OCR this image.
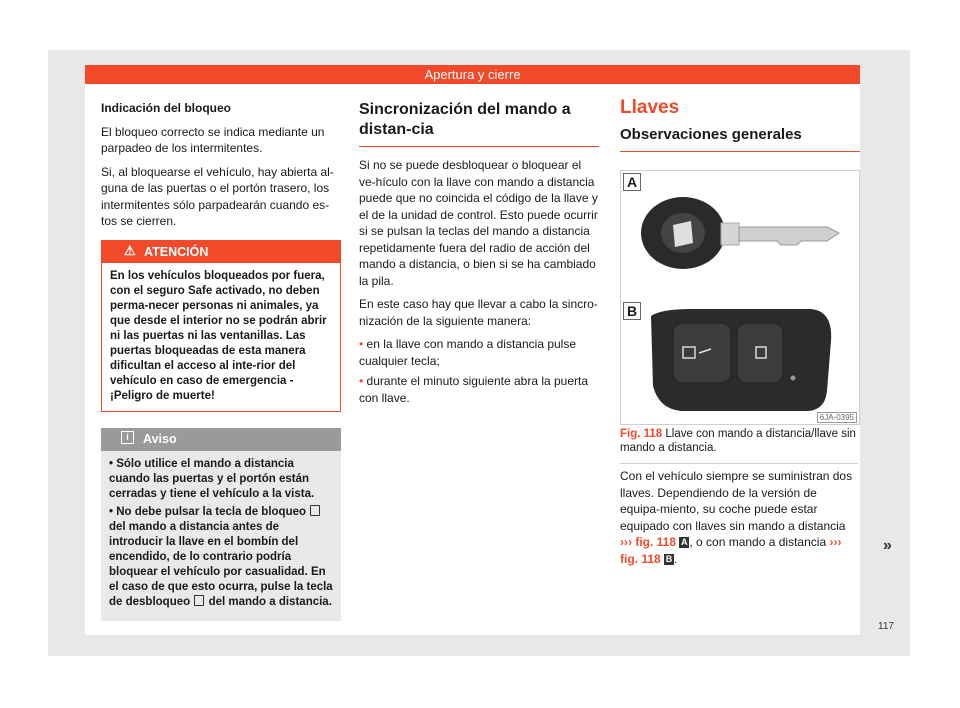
Apertura y cierre

Indicación del bloqueo

El bloqueo correcto se indica mediante un parpadeo de los intermitentes.

Si, al bloquearse el vehículo, hay abierta al-guna de las puertas o el portón trasero, los intermitentes sólo parpadearán cuando es-tos se cierren.

⚠ ATENCIÓN
En los vehículos bloqueados por fuera, con el seguro Safe activado, no deben perma-necer personas ni animales, ya que desde el interior no se podrán abrir ni las puertas ni las ventanillas. Las puertas bloqueadas de esta manera dificultan el acceso al inte-rior del vehículo en caso de emergencia - ¡Peligro de muerte!
i	Aviso

• Sólo utilice el mando a distancia cuando las puertas y el portón están cerradas y tiene el vehículo a la vista.

• No debe pulsar la tecla de bloqueo  del mando a distancia antes de introducir la llave en el bombín del encendido, de lo contrario podría bloquear el vehículo por casualidad. En el caso de que esto ocurra, pulse la tecla de desbloqueo del mando a distancia.

Sincronización del mando a distan-cia

Si no se puede desbloquear o bloquear el ve-hículo con la llave con mando a distancia puede que no coincida el código de la llave y el de la unidad de control. Esto puede ocurrir si se pulsan la teclas del mando a distancia repetidamente fuera del radio de acción del mando a distancia, o bien si se ha cambiado la pila.

En este caso hay que llevar a cabo la sincro-nización de la siguiente manera:

• en la llave con mando a distancia pulse cualquier tecla;

• durante el minuto siguiente abra la puerta con llave.

Llaves
Observaciones generales
A
B
6JA-0395
Fig. 118 Llave con mando a distancia/llave sin mando a distancia.

Con el vehículo siempre se suministran dos llaves. Dependiendo de la versión de equipa-miento, su coche puede estar equipado con llaves sin mando a distancia ››› fig. 118 A , o con mando a distancia ››› fig. 118 B .

»
117
